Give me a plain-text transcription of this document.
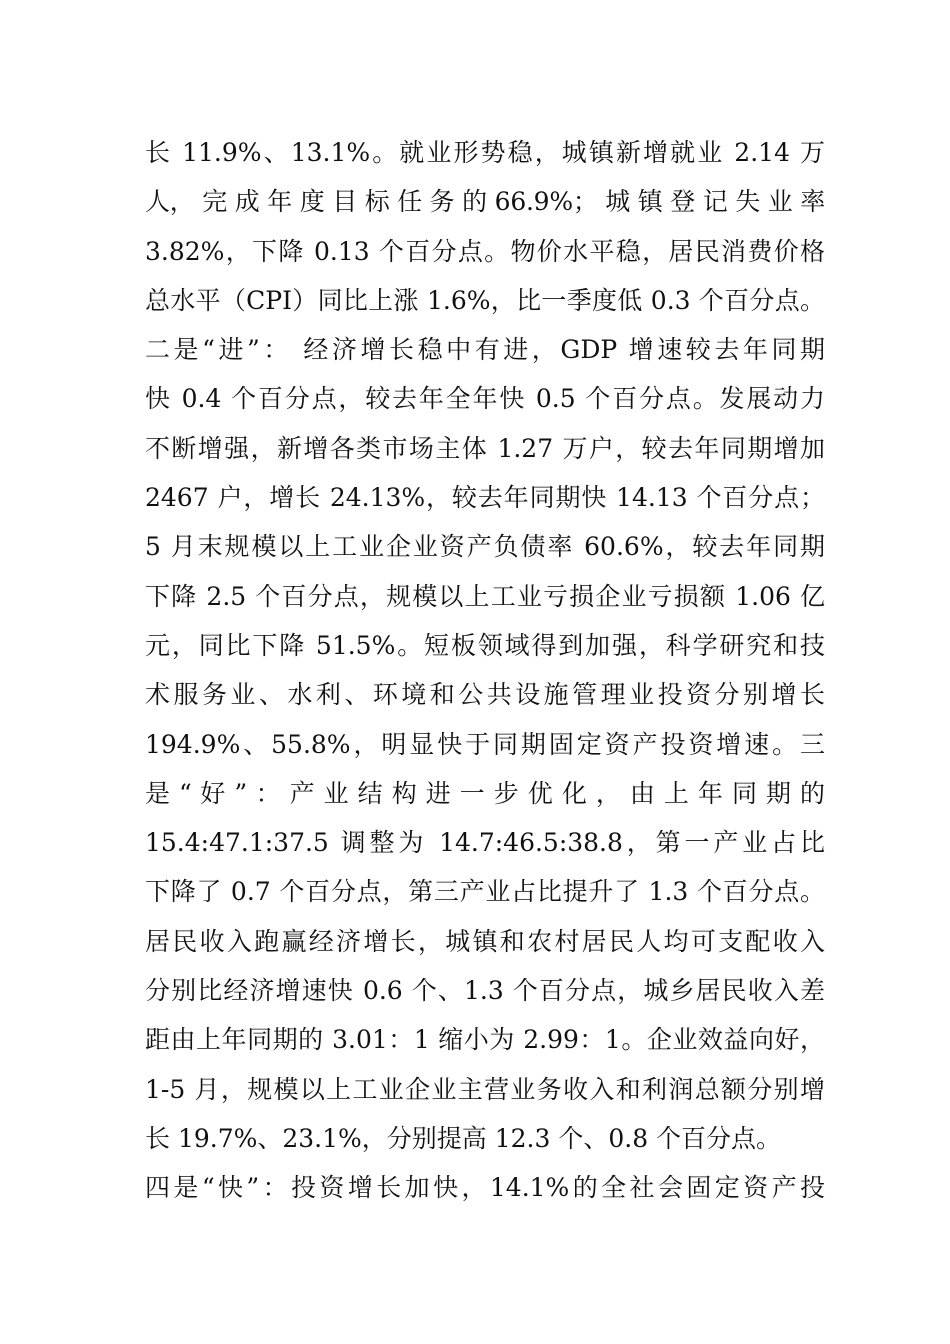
长 11.9%、13.1%。就业形势稳，城镇新增就业 2.14 万
人， 完 成 年 度 目 标 任 务 的 66.9%； 城 镇 登 记 失 业 率
3.82%，下降 0.13 个百分点。物价水平稳，居民消费价格
总水平（CPI）同比上涨 1.6%，比一季度低 0.3 个百分点。
二是“进”： 经济增长稳中有进，GDP 增速较去年同期
快 0.4 个百分点，较去年全年快 0.5 个百分点。发展动力
不断增强，新增各类市场主体 1.27 万户，较去年同期增加
2467 户，增长 24.13%，较去年同期快 14.13 个百分点；
5 月末规模以上工业企业资产负债率 60.6%，较去年同期
下降 2.5 个百分点，规模以上工业亏损企业亏损额 1.06 亿
元，同比下降 51.5%。短板领域得到加强，科学研究和技
术服务业、水利、环境和公共设施管理业投资分别增长
194.9%、55.8%，明显快于同期固定资产投资增速。三
是 “ 好 ” ： 产 业 结 构 进 一 步 优 化 ， 由 上 年 同 期 的
15.4:47.1:37.5 调整为 14.7:46.5:38.8，第一产业占比
下降了 0.7 个百分点，第三产业占比提升了 1.3 个百分点。
居民收入跑赢经济增长，城镇和农村居民人均可支配收入
分别比经济增速快 0.6 个、1.3 个百分点，城乡居民收入差
距由上年同期的 3.01：1 缩小为 2.99：1。企业效益向好，
1-5 月，规模以上工业企业主营业务收入和利润总额分别增
长 19.7%、23.1%，分别提高 12.3 个、0.8 个百分点。
四是“快”：投资增长加快，14.1%的全社会固定资产投
